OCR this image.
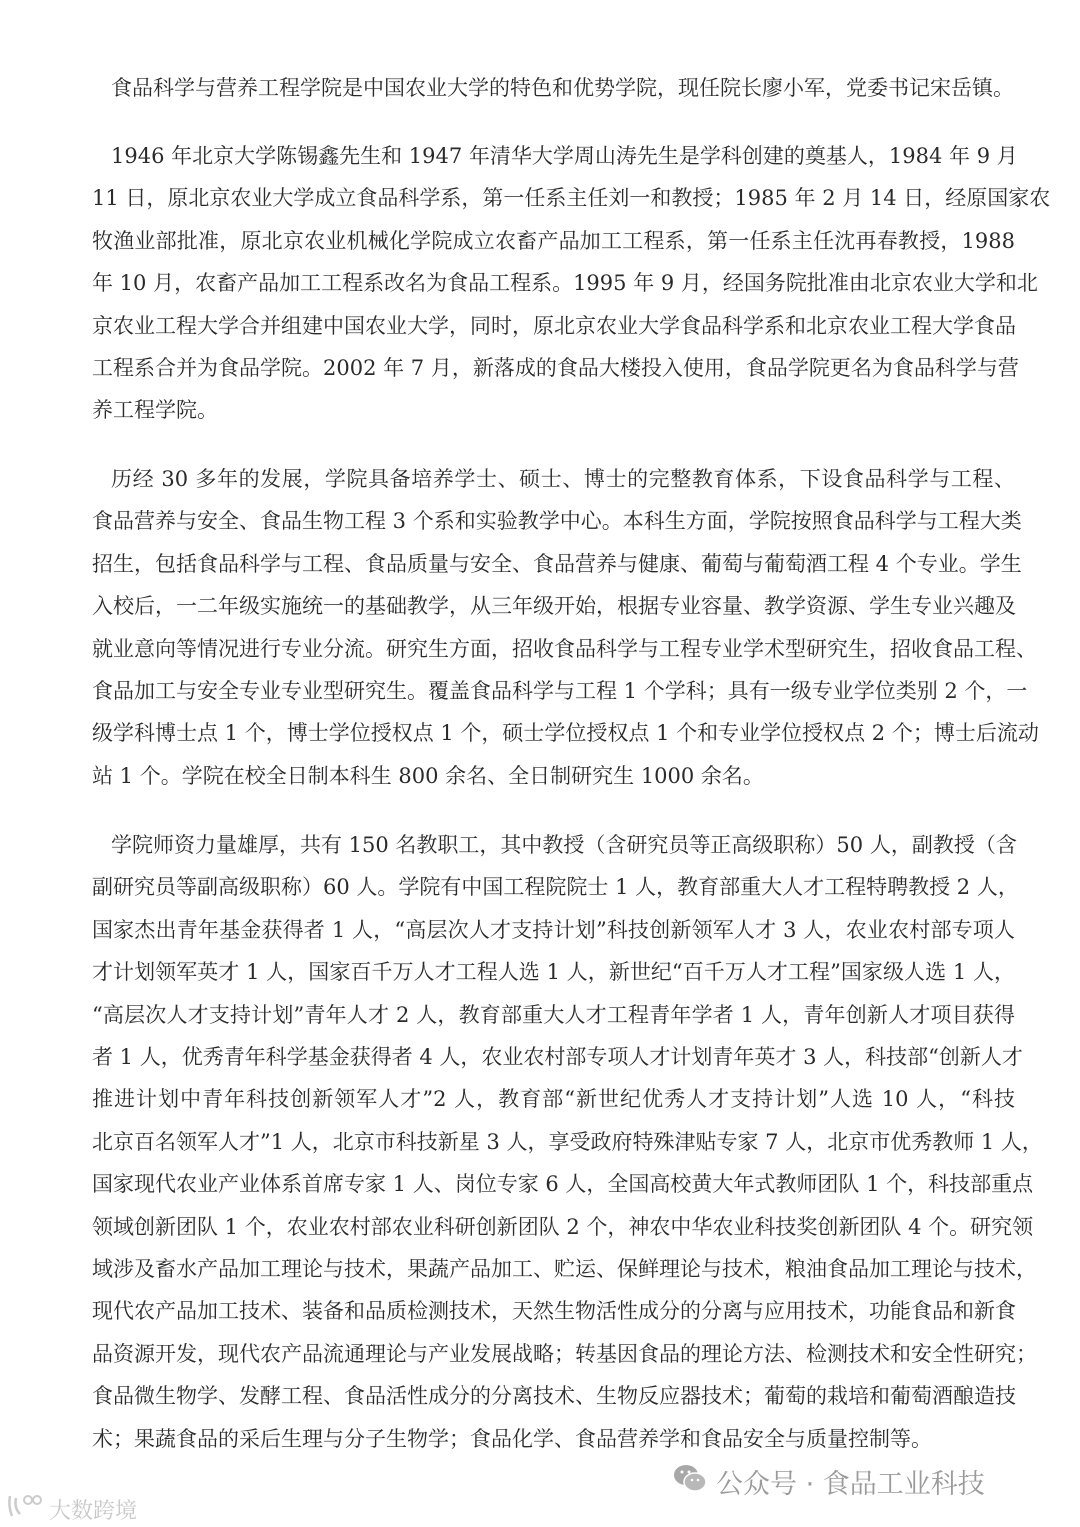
食品科学与营养工程学院是中国农业大学的特色和优势学院，现任院长廖小军，党委书记宋岳镇。
1946 年北京大学陈锡鑫先生和 1947 年清华大学周山涛先生是学科创建的奠基人，1984 年 9 月
11 日，原北京农业大学成立食品科学系，第一任系主任刘一和教授；1985 年 2 月 14 日，经原国家农
牧渔业部批准，原北京农业机械化学院成立农畜产品加工工程系，第一任系主任沈再春教授，1988
年 10 月，农畜产品加工工程系改名为食品工程系。1995 年 9 月，经国务院批准由北京农业大学和北
京农业工程大学合并组建中国农业大学，同时，原北京农业大学食品科学系和北京农业工程大学食品
工程系合并为食品学院。2002 年 7 月，新落成的食品大楼投入使用，食品学院更名为食品科学与营
养工程学院。
历经 30 多年的发展，学院具备培养学士、硕士、博士的完整教育体系，下设食品科学与工程、
食品营养与安全、食品生物工程 3 个系和实验教学中心。本科生方面，学院按照食品科学与工程大类
招生，包括食品科学与工程、食品质量与安全、食品营养与健康、葡萄与葡萄酒工程 4 个专业。学生
入校后，一二年级实施统一的基础教学，从三年级开始，根据专业容量、教学资源、学生专业兴趣及
就业意向等情况进行专业分流。研究生方面，招收食品科学与工程专业学术型研究生，招收食品工程、
食品加工与安全专业专业型研究生。覆盖食品科学与工程 1 个学科；具有一级专业学位类别 2 个，一
级学科博士点 1 个，博士学位授权点 1 个，硕士学位授权点 1 个和专业学位授权点 2 个；博士后流动
站 1 个。学院在校全日制本科生 800 余名、全日制研究生 1000 余名。
学院师资力量雄厚，共有 150 名教职工，其中教授（含研究员等正高级职称）50 人，副教授（含
副研究员等副高级职称）60 人。学院有中国工程院院士 1 人，教育部重大人才工程特聘教授 2 人，
国家杰出青年基金获得者 1 人，“高层次人才支持计划”科技创新领军人才 3 人，农业农村部专项人
才计划领军英才 1 人，国家百千万人才工程人选 1 人，新世纪“百千万人才工程”国家级人选 1 人，
“高层次人才支持计划”青年人才 2 人，教育部重大人才工程青年学者 1 人，青年创新人才项目获得
者 1 人，优秀青年科学基金获得者 4 人，农业农村部专项人才计划青年英才 3 人，科技部“创新人才
推进计划中青年科技创新领军人才”2 人，教育部“新世纪优秀人才支持计划”人选 10 人，“科技
北京百名领军人才”1 人，北京市科技新星 3 人，享受政府特殊津贴专家 7 人，北京市优秀教师 1 人，
国家现代农业产业体系首席专家 1 人、岗位专家 6 人，全国高校黄大年式教师团队 1 个，科技部重点
领域创新团队 1 个，农业农村部农业科研创新团队 2 个，神农中华农业科技奖创新团队 4 个。研究领
域涉及畜水产品加工理论与技术，果蔬产品加工、贮运、保鲜理论与技术，粮油食品加工理论与技术，
现代农产品加工技术、装备和品质检测技术，天然生物活性成分的分离与应用技术，功能食品和新食
品资源开发，现代农产品流通理论与产业发展战略；转基因食品的理论方法、检测技术和安全性研究；
食品微生物学、发酵工程、食品活性成分的分离技术、生物反应器技术；葡萄的栽培和葡萄酒酿造技
术；果蔬食品的采后生理与分子生物学；食品化学、食品营养学和食品安全与质量控制等。
公众号 · 食品工业科技
大数跨境
